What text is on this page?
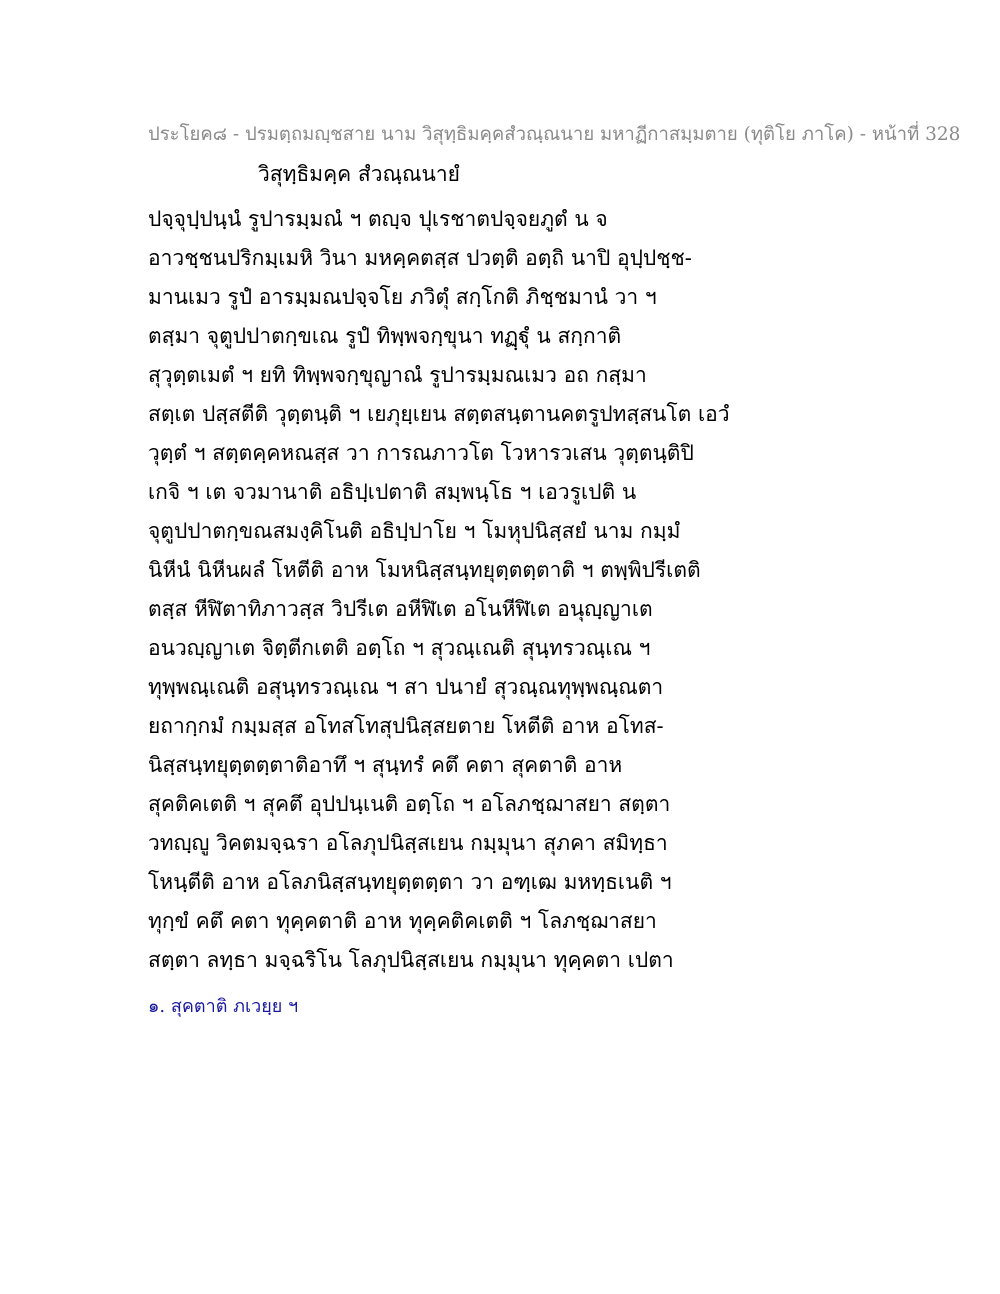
ประโยค๘ - ปรมตฺถมญฺชสาย นาม วิสุทฺธิมคฺคสํวณฺณนาย มหาฏีกาสมฺมตาย (ทุติโย ภาโค) - หน้าที่ 328
วิสุทฺธิมคฺค สํวณฺณนายํ
ปจฺจุปฺปนฺนํ รูปารมฺมณํ ฯ ตญฺจ ปุเรชาตปจฺจยภูตํ น จ
อาวชฺชนปริกมฺเมหิ วินา มหคฺคตสฺส ปวตฺติ อตฺถิ นาปิ อุปฺปชฺช-
มานเมว รูปํ อารมฺมณปจฺจโย ภวิตุํ สกฺโกติ ภิชฺชมานํ วา ฯ
ตสฺมา จุตูปปาตกฺขเณ รูปํ ทิพฺพจกฺขุนา ทฏฺฐุํ น สกฺกาติ
สุวุตฺตเมตํ ฯ ยทิ ทิพฺพจกฺขุญาณํ รูปารมฺมณเมว อถ กสฺมา
สตฺเต ปสฺสตีติ วุตฺตนฺติ ฯ เยภุยฺเยน สตฺตสนฺตานคตรูปทสฺสนโต เอวํ
วุตฺตํ ฯ สตฺตคฺคหณสฺส วา การณภาวโต โวหารวเสน วุตฺตนฺติปิ
เกจิ ฯ เต จวมานาติ อธิปฺเปตาติ สมฺพนฺโธ ฯ เอวรูเปติ น
จุตูปปาตกฺขณสมงฺคิโนติ อธิปฺปาโย ฯ โมหุปนิสฺสยํ นาม กมฺมํ
นิหีนํ นิหีนผลํ โหตีติ อาห โมหนิสฺสนฺทยุตฺตตฺตาติ ฯ ตพฺพิปรีเตติ
ตสฺส หีฬิตาทิภาวสฺส วิปรีเต อหีฬิเต อโนหีฬิเต อนุญฺญาเต
อนวญฺญาเต จิตฺตีกเตติ อตฺโถ ฯ สุวณฺเณติ สุนฺทรวณฺเณ ฯ
ทุพฺพณฺเณติ อสุนฺทรวณฺเณ ฯ สา ปนายํ สุวณฺณทุพฺพณฺณตา
ยถากฺกมํ กมฺมสฺส อโทสโทสุปนิสฺสยตาย โหตีติ อาห อโทส-
นิสฺสนฺทยุตฺตตฺตาติอาทึ ฯ สุนฺทรํ คตึ คตา สุคตาติ อาห
สุคติคเตติ ฯ สุคตึ อุปปนฺเนติ อตฺโถ ฯ อโลภชฺฌาสยา สตฺตา
วทญฺญู วิคตมจฺฉรา อโลภุปนิสฺสเยน กมฺมุนา สุภคา สมิทฺธา
โหนฺตีติ อาห อโลภนิสฺสนฺทยุตฺตตฺตา วา อฑฺเฒ มหทฺธเนติ ฯ
ทุกฺขํ คตึ คตา ทุคฺคตาติ อาห ทุคฺคติคเตติ ฯ โลภชฺฌาสยา
สตฺตา ลทฺธา มจฺฉริโน โลภุปนิสฺสเยน กมฺมุนา ทุคฺคตา เปตา
๑. สุคตาติ ภเวยฺย ฯ
